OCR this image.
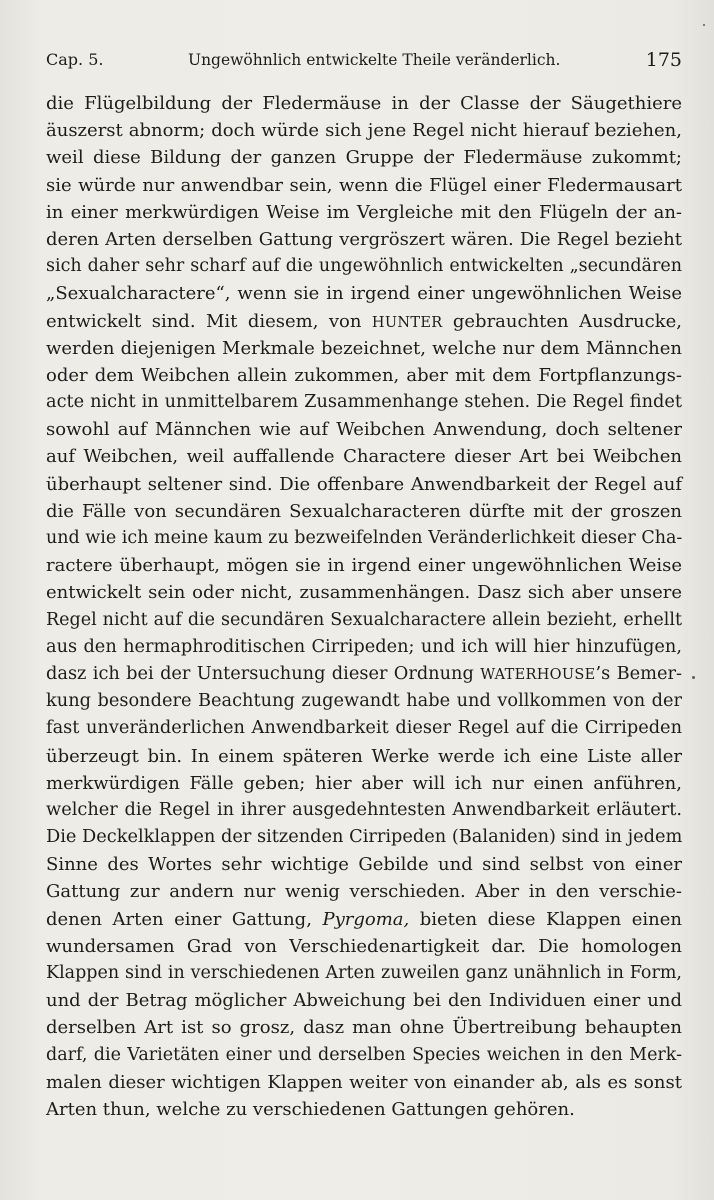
Cap. 5.	Ungewöhnlich entwickelte Theile veränderlich.	175
die Flügelbildung der Fledermäuse in der Classe der Säugethiere
äuszerst abnorm; doch würde sich jene Regel nicht hierauf beziehen,
weil diese Bildung der ganzen Gruppe der Fledermäuse zukommt;
sie würde nur anwendbar sein, wenn die Flügel einer Fledermausart
in einer merkwürdigen Weise im Vergleiche mit den Flügeln der an-
deren Arten derselben Gattung vergröszert wären. Die Regel bezieht
sich daher sehr scharf auf die ungewöhnlich entwickelten „secundären
„Sexualcharactere“, wenn sie in irgend einer ungewöhnlichen Weise
entwickelt sind. Mit diesem, von HUNTER gebrauchten Ausdrucke,
werden diejenigen Merkmale bezeichnet, welche nur dem Männchen
oder dem Weibchen allein zukommen, aber mit dem Fortpflanzungs-
acte nicht in unmittelbarem Zusammenhange stehen. Die Regel findet
sowohl auf Männchen wie auf Weibchen Anwendung, doch seltener
auf Weibchen, weil auffallende Charactere dieser Art bei Weibchen
überhaupt seltener sind. Die offenbare Anwendbarkeit der Regel auf
die Fälle von secundären Sexualcharacteren dürfte mit der groszen
und wie ich meine kaum zu bezweifelnden Veränderlichkeit dieser Cha-
ractere überhaupt, mögen sie in irgend einer ungewöhnlichen Weise
entwickelt sein oder nicht, zusammenhängen. Dasz sich aber unsere
Regel nicht auf die secundären Sexualcharactere allein bezieht, erhellt
aus den hermaphroditischen Cirripeden; und ich will hier hinzufügen,
dasz ich bei der Untersuchung dieser Ordnung WATERHOUSE’s Bemer-
kung besondere Beachtung zugewandt habe und vollkommen von der
fast unveränderlichen Anwendbarkeit dieser Regel auf die Cirripeden
überzeugt bin. In einem späteren Werke werde ich eine Liste aller
merkwürdigen Fälle geben; hier aber will ich nur einen anführen,
welcher die Regel in ihrer ausgedehntesten Anwendbarkeit erläutert.
Die Deckelklappen der sitzenden Cirripeden (Balaniden) sind in jedem
Sinne des Wortes sehr wichtige Gebilde und sind selbst von einer
Gattung zur andern nur wenig verschieden. Aber in den verschie-
denen Arten einer Gattung, Pyrgoma, bieten diese Klappen einen
wundersamen Grad von Verschiedenartigkeit dar. Die homologen
Klappen sind in verschiedenen Arten zuweilen ganz unähnlich in Form,
und der Betrag möglicher Abweichung bei den Individuen einer und
derselben Art ist so grosz, dasz man ohne Übertreibung behaupten
darf, die Varietäten einer und derselben Species weichen in den Merk-
malen dieser wichtigen Klappen weiter von einander ab, als es sonst
Arten thun, welche zu verschiedenen Gattungen gehören.
